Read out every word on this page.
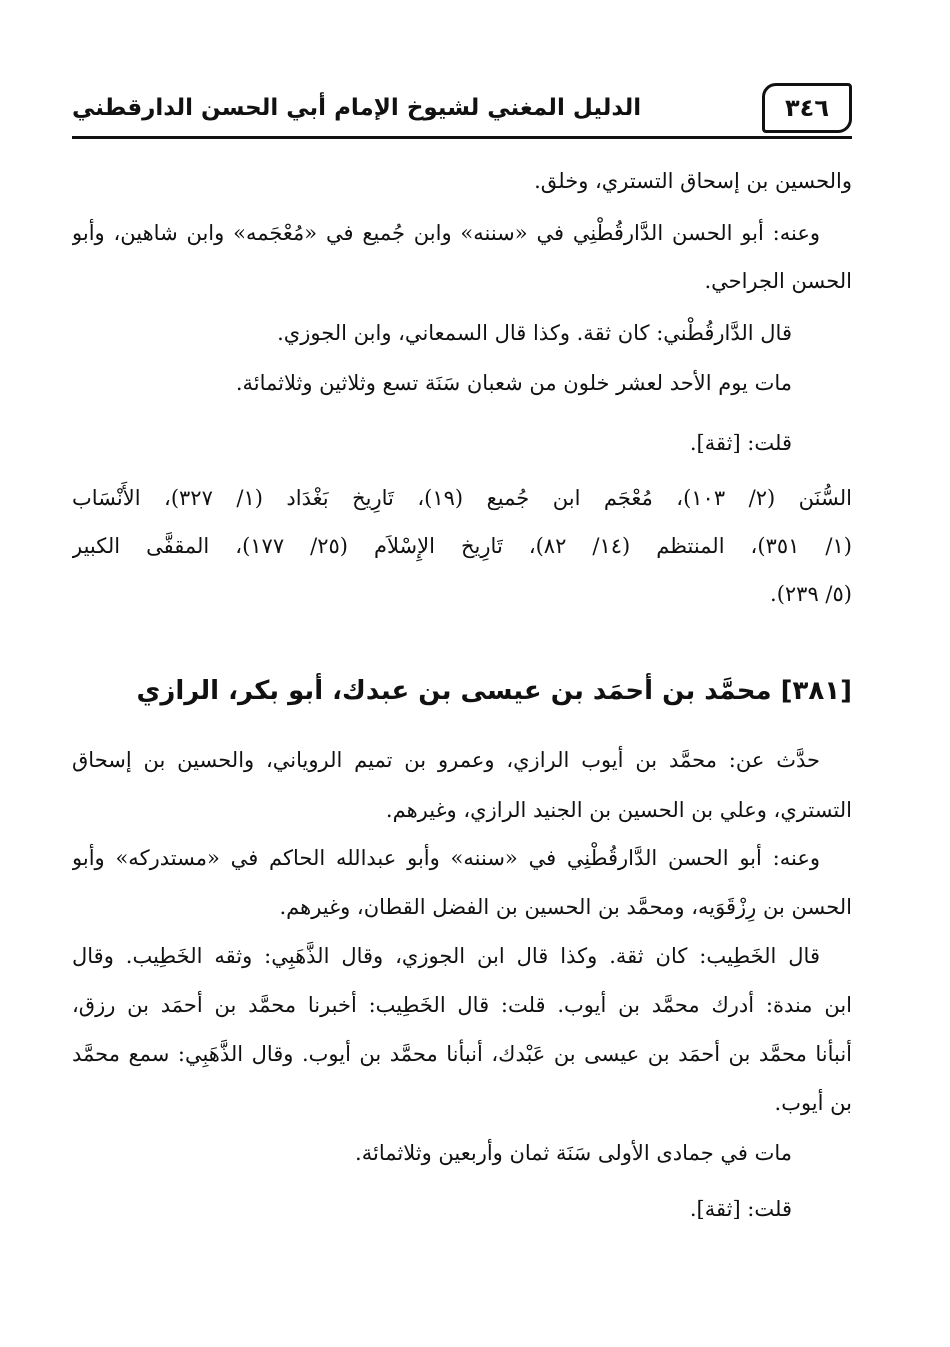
٣٤٦
الدليل المغني لشيوخ الإمام أبي الحسن الدارقطني
والحسين بن إسحاق التستري، وخلق.
وعنه: أبو الحسن الدَّارقُطْنِي في «سننه» وابن جُميع في «مُعْجَمه» وابن شاهين، وأبو
الحسن الجراحي.
قال الدَّارقُطْني: كان ثقة. وكذا قال السمعاني، وابن الجوزي.
مات يوم الأحد لعشر خلون من شعبان سَنَة تسع وثلاثين وثلاثمائة.
قلت: [ثقة].
السُّنَن (٢/ ١٠٣)، مُعْجَم ابن جُميع (١٩)، تَارِيخ بَغْدَاد (١/ ٣٢٧)، الأَنْسَاب
(١/ ٣٥١)، المنتظم (١٤/ ٨٢)، تَارِيخ الإِسْلاَم (٢٥/ ١٧٧)، المقفَّى الكبير
(٥/ ٢٣٩).
[٣٨١] محمَّد بن أحمَد بن عيسى بن عبدك، أبو بكر، الرازي
حدَّث عن: محمَّد بن أيوب الرازي، وعمرو بن تميم الروياني، والحسين بن إسحاق
التستري، وعلي بن الحسين بن الجنيد الرازي، وغيرهم.
وعنه: أبو الحسن الدَّارقُطْنِي في «سننه» وأبو عبدالله الحاكم في «مستدركه» وأبو
الحسن بن رِزْقَوَيه، ومحمَّد بن الحسين بن الفضل القطان، وغيرهم.
قال الخَطِيب: كان ثقة. وكذا قال ابن الجوزي، وقال الذَّهَبِي: وثقه الخَطِيب. وقال
ابن مندة: أدرك محمَّد بن أيوب. قلت: قال الخَطِيب: أخبرنا محمَّد بن أحمَد بن رزق،
أنبأنا محمَّد بن أحمَد بن عيسى بن عَبْدك، أنبأنا محمَّد بن أيوب. وقال الذَّهَبِي: سمع محمَّد
بن أيوب.
مات في جمادى الأولى سَنَة ثمان وأربعين وثلاثمائة.
قلت: [ثقة].
